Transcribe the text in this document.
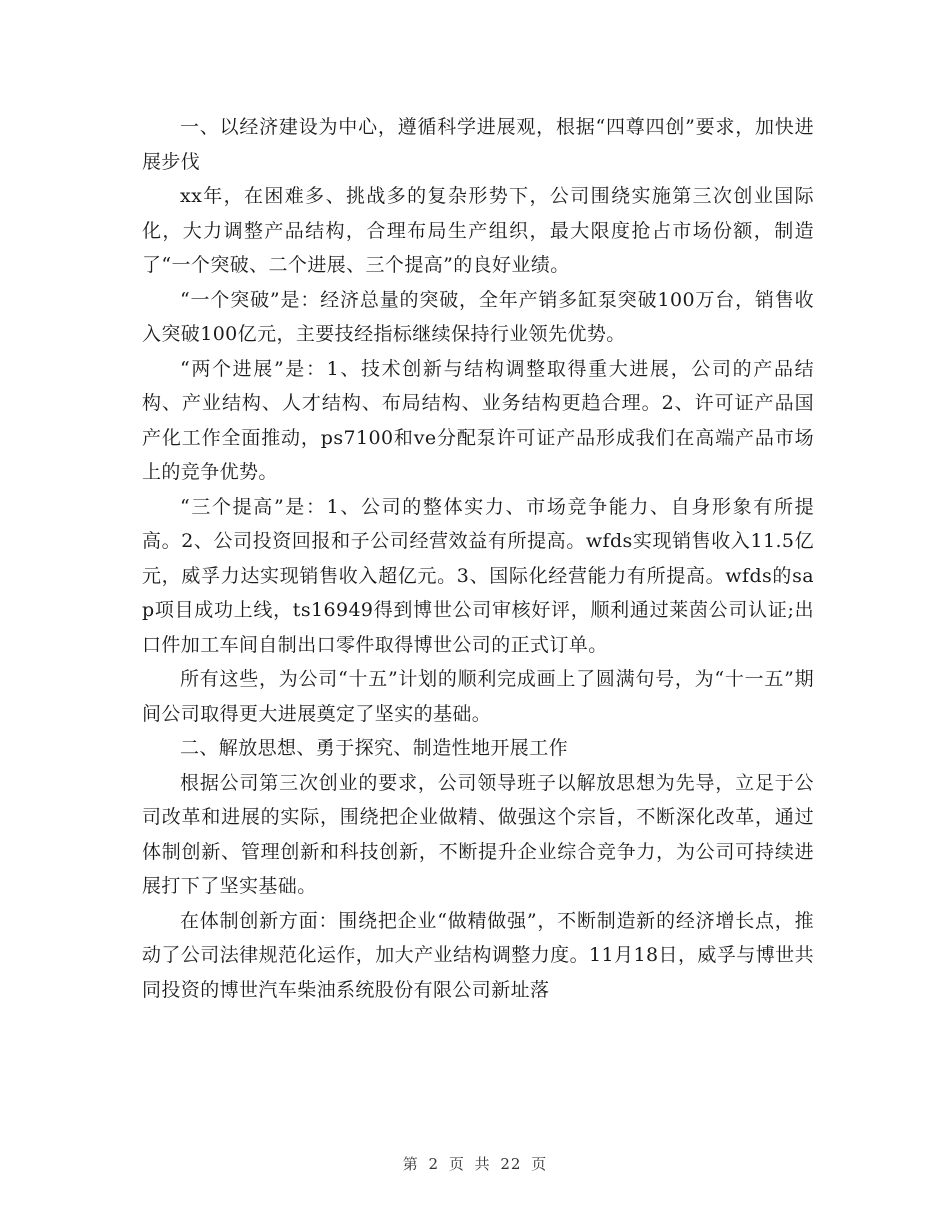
一、以经济建设为中心，遵循科学进展观，根据“四尊四创”要求，加快进展步伐

xx年，在困难多、挑战多的复杂形势下，公司围绕实施第三次创业国际化，大力调整产品结构，合理布局生产组织，最大限度抢占市场份额，制造了“一个突破、二个进展、三个提高”的良好业绩。

“一个突破”是：经济总量的突破，全年产销多缸泵突破100万台，销售收入突破100亿元，主要技经指标继续保持行业领先优势。

“两个进展”是：1、技术创新与结构调整取得重大进展，公司的产品结构、产业结构、人才结构、布局结构、业务结构更趋合理。2、许可证产品国产化工作全面推动，ps7100和ve分配泵许可证产品形成我们在高端产品市场上的竞争优势。

“三个提高”是：1、公司的整体实力、市场竞争能力、自身形象有所提高。2、公司投资回报和子公司经营效益有所提高。wfds实现销售收入11.5亿元，威孚力达实现销售收入超亿元。3、国际化经营能力有所提高。wfds的sap项目成功上线，ts16949得到博世公司审核好评，顺利通过莱茵公司认证;出口件加工车间自制出口零件取得博世公司的正式订单。

所有这些，为公司“十五”计划的顺利完成画上了圆满句号，为“十一五”期间公司取得更大进展奠定了坚实的基础。

二、解放思想、勇于探究、制造性地开展工作

根据公司第三次创业的要求，公司领导班子以解放思想为先导，立足于公司改革和进展的实际，围绕把企业做精、做强这个宗旨，不断深化改革，通过体制创新、管理创新和科技创新，不断提升企业综合竞争力，为公司可持续进展打下了坚实基础。

在体制创新方面：围绕把企业“做精做强”，不断制造新的经济增长点，推动了公司法律规范化运作，加大产业结构调整力度。11月18日，威孚与博世共同投资的博世汽车柴油系统股份有限公司新址落

第 2 页 共 22 页
